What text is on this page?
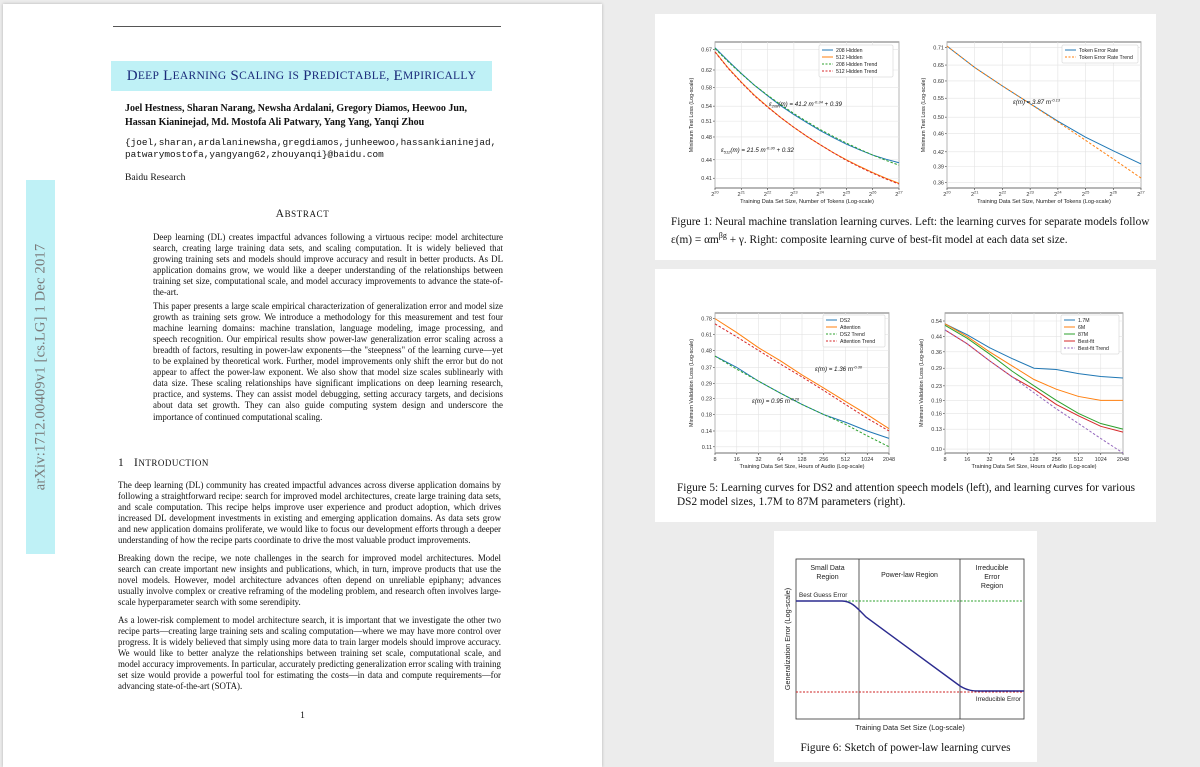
D E E P
L E A R N I N G
S C A L I N G
I S
P R E D I C T A B L E ,
E M P I R I C A L L Y
Joel Hestness, Sharan Narang, Newsha Ardalani, Gregory Diamos, Heewoo Jun,
Hassan Kianinejad, Md. Mostofa Ali Patwary, Yang Yang, Yanqi Zhou
{joel,sharan,ardalaninewsha,gregdiamos,junheewoo,hassankianinejad,
patwarymostofa,yangyang62,zhouyanqi}@baidu.com
Baidu Research
ABSTRACT

Deep learning (DL) creates impactful advances following a virtuous recipe: model architecture search, creating large training data sets, and scaling computation. It is widely believed that growing training sets and models should improve accuracy and result in better products. As DL application domains grow, we would like a deeper understanding of the relationships between training set size, computational scale, and model accuracy improvements to advance the state-of-the-art.

This paper presents a large scale empirical characterization of generalization error and model size growth as training sets grow. We introduce a methodology for this measurement and test four machine learning domains: machine translation, language modeling, image processing, and speech recognition. Our empirical results show power-law generalization error scaling across a breadth of factors, resulting in power-law exponents—the "steepness" of the learning curve—yet to be explained by theoretical work. Further, model improvements only shift the error but do not appear to affect the power-law exponent. We also show that model size scales sublinearly with data size. These scaling relationships have significant implications on deep learning research, practice, and systems. They can assist model debugging, setting accuracy targets, and decisions about data set growth. They can also guide computing system design and underscore the importance of continued computational scaling.

arXiv:1712.00409v1 [cs.LG] 1 Dec 2017	1 INTRODUCTION

The deep learning (DL) community has created impactful advances across diverse application domains by following a straightforward recipe: search for improved model architectures, create large training data sets, and scale computation. This recipe helps improve user experience and product adoption, which drives increased DL development investments in existing and emerging application domains. As data sets grow and new application domains proliferate, we would like to focus our development efforts through a deeper understanding of how the recipe parts coordinate to drive the most valuable product improvements.

Breaking down the recipe, we note challenges in the search for improved model architectures. Model search can create important new insights and publications, which, in turn, improve products that use the novel models. However, model architecture advances often depend on unreliable epiphany; advances usually involve complex or creative reframing of the modeling problem, and research often involves large-scale hyperparameter search with some serendipity.

As a lower-risk complement to model architecture search, it is important that we investigate the other two recipe parts—creating large training sets and scaling computation—where we may have more control over progress. It is widely believed that simply using more data to train larger models should improve accuracy. We would like to better analyze the relationships between training set scale, computational scale, and model accuracy improvements. In particular, accurately predicting generalization error scaling with training set size would provide a powerful tool for estimating the costs—in data and compute requirements—for advancing state-of-the-art (SOTA).

1
0.67
0.62
0.58
0.54
0.51
0.48
0.44
0.41
$2^{20}$	$2^{21}$	$2^{22}$	$2^{23}$	$2^{24}$	$2^{25}$	$2^{26}$	$2^{27}$
Training Data Set Size, Number of Tokens (Log-scale)
Minimum Test Loss (Log-scale)
208 Hidden
512 Hidden
208 Hidden Trend
512 Hidden Trend
$\varepsilon_{208}(m) = 41.2$ $m^{-0.34} + 0.39$
$\varepsilon_{512}(m) = 21.5$ $m^{-0.30} + 0.32$
0.71
0.65
0.60
0.55
0.50
0.46
0.42
0.39
0.36
$2^{20}$	$2^{21}$	$2^{22}$	$2^{23}$	$2^{24}$	$2^{25}$	$2^{26}$	$2^{27}$
Training Data Set Size, Number of Tokens (Log-scale)
Minimum Test Loss (Log-scale)
Token Error Rate
Token Error Rate Trend
ε(m) = 3.87 $m^{-0.13}$
Figure 1: Neural machine translation learning curves. Left: the learning curves for separate models follow $\varepsilon(m) = \alpha m^{\beta g} + \gamma$. Right: composite learning curve of best-fit model at each data set size.
0.78
0.61
0.48
0.37
0.29
0.23
0.18
0.14
0.11
8	16	32	64	128 256 512 1024 2048
Training Data Set Size, Hours of Audio (Log-scale)
Minimum Validation Loss (Log-scale)
DS2
Attention
DS2 Trend
Attention Trend
ε(m) = 1.36 $m^{-0.30}$
ε(m) = 0.95 $m^{-0.26}$
0.54
0.44
0.36
0.29
0.23
0.19
0.16
0.13
0.10
8	16	32	64	128 256 512 1024 2048
Training Data Set Size, Hours of Audio (Log-scale)
Minimum Validation Loss (Log-scale)
1.7M
6M
87M
Best-fit
Best-fit Trend
Figure 5: Learning curves for DS2 and attention speech models (left), and learning curves for various DS2 model sizes, 1.7M to 87M parameters (right).
Small Data
Region	Power-law Region
Irreducible
Error
Region
Best Guess Error
Irreducible Error
Training Data Set Size (Log-scale)
Generalization Error (Log-scale)
Figure 6: Sketch of power-law learning curves
